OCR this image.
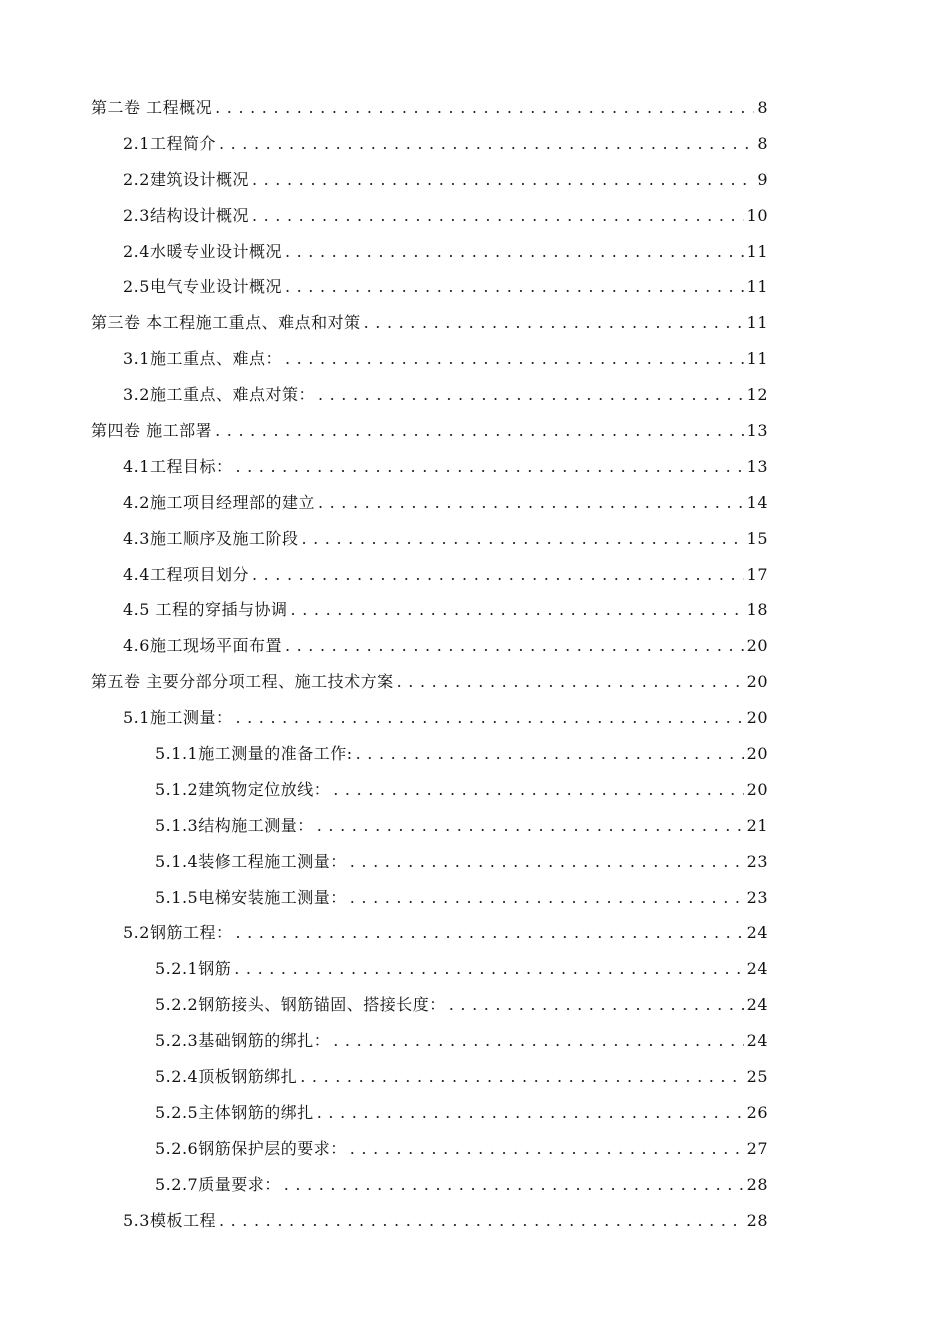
第二卷 工程概况 . . .	8
2.1工程简介 . . .	8
2.2建筑设计概况 . . .	9
2.3结构设计概况 . . .	10
2.4水暖专业设计概况 . . .	11
2.5电气专业设计概况 . . .	11
第三卷 本工程施工重点、难点和对策 . . .	11
3.1施工重点、难点： . . .	11
3.2施工重点、难点对策： . . .	12
第四卷 施工部署 . . .	13
4.1工程目标： . . .	13
4.2施工项目经理部的建立 . . .	14
4.3施工顺序及施工阶段 . . .	15
4.4工程项目划分 . . .	17
4.5 工程的穿插与协调 . . .	18
4.6施工现场平面布置 . . .	20
第五卷 主要分部分项工程、施工技术方案 . . .	20
5.1施工测量： . . .	20
5.1.1施工测量的准备工作: . . .	20
5.1.2建筑物定位放线： . . .	20
5.1.3结构施工测量： . . .	21
5.1.4装修工程施工测量： . . .	23
5.1.5电梯安装施工测量： . . .	23
5.2钢筋工程： . . .	24
5.2.1钢筋 . . .	24
5.2.2钢筋接头、钢筋锚固、搭接长度： . . .	24
5.2.3基础钢筋的绑扎： . . .	24
5.2.4顶板钢筋绑扎 . . .	25
5.2.5主体钢筋的绑扎 . . .	26
5.2.6钢筋保护层的要求： . . .	27
5.2.7质量要求： . . .	28
5.3模板工程 . . .	28
